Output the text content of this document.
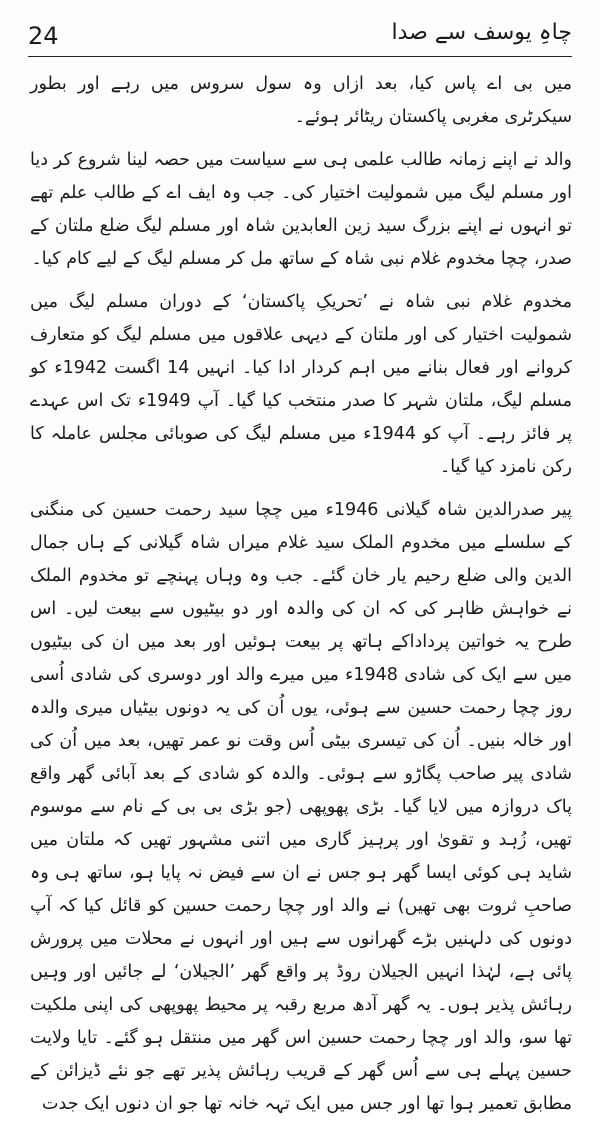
24	چاہِ یوسف سے صدا

میں بی اے پاس کیا، بعد ازاں وہ سول سروس میں رہے اور بطور سیکرٹری مغربی پاکستان ریٹائر ہوئے۔

والد نے اپنے زمانہ طالب علمی ہی سے سیاست میں حصہ لینا شروع کر دیا اور مسلم لیگ میں شمولیت اختیار کی۔ جب وہ ایف اے کے طالب علم تھے تو انہوں نے اپنے بزرگ سید زین العابدین شاہ اور مسلم لیگ ضلع ملتان کے صدر، چچا مخدوم غلام نبی شاہ کے ساتھ مل کر مسلم لیگ کے لیے کام کیا۔

مخدوم غلام نبی شاہ نے ’تحریکِ پاکستان‘ کے دوران مسلم لیگ میں شمولیت اختیار کی اور ملتان کے دیہی علاقوں میں مسلم لیگ کو متعارف کروانے اور فعال بنانے میں اہم کردار ادا کیا۔ انہیں 14 اگست 1942ء کو مسلم لیگ، ملتان شہر کا صدر منتخب کیا گیا۔ آپ 1949ء تک اس عہدے پر فائز رہے۔ آپ کو 1944ء میں مسلم لیگ کی صوبائی مجلس عاملہ کا رکن نامزد کیا گیا۔

پیر صدرالدین شاہ گیلانی 1946ء میں چچا سید رحمت حسین کی منگنی کے سلسلے میں مخدوم الملک سید غلام میراں شاہ گیلانی کے ہاں جمال الدین والی ضلع رحیم یار خان گئے۔ جب وہ وہاں پہنچے تو مخدوم الملک نے خواہش ظاہر کی کہ ان کی والدہ اور دو بیٹیوں سے بیعت لیں۔ اس طرح یہ خواتین پرداداکے ہاتھ پر بیعت ہوئیں اور بعد میں ان کی بیٹیوں میں سے ایک کی شادی 1948ء میں میرے والد اور دوسری کی شادی اُسی روز چچا رحمت حسین سے ہوئی، یوں اُن کی یہ دونوں بیٹیاں میری والدہ اور خالہ بنیں۔ اُن کی تیسری بیٹی اُس وقت نو عمر تھیں، بعد میں اُن کی شادی پیر صاحب پگاڑو سے ہوئی۔ والدہ کو شادی کے بعد آبائی گھر واقع پاک دروازہ میں لایا گیا۔ بڑی پھوپھی (جو بڑی بی بی کے نام سے موسوم تھیں، زُہد و تقویٰ اور پرہیز گاری میں اتنی مشہور تھیں کہ ملتان میں شاید ہی کوئی ایسا گھر ہو جس نے ان سے فیض نہ پایا ہو، ساتھ ہی وہ صاحبِ ثروت بھی تھیں) نے والد اور چچا رحمت حسین کو قائل کیا کہ آپ دونوں کی دلہنیں بڑے گھرانوں سے ہیں اور انہوں نے محلات میں پرورش پائی ہے، لہٰذا انہیں الجیلان روڈ پر واقع گھر ’الجیلان‘ لے جائیں اور وہیں رہائش پذیر ہوں۔ یہ گھر آدھ مربع رقبہ پر محیط پھوپھی کی اپنی ملکیت تھا سو، والد اور چچا رحمت حسین اس گھر میں منتقل ہو گئے۔ تایا ولایت حسین پہلے ہی سے اُس گھر کے قریب رہائش پذیر تھے جو نئے ڈیزائن کے مطابق تعمیر ہوا تھا اور جس میں ایک تہہ خانہ تھا جو ان دنوں ایک جدت
